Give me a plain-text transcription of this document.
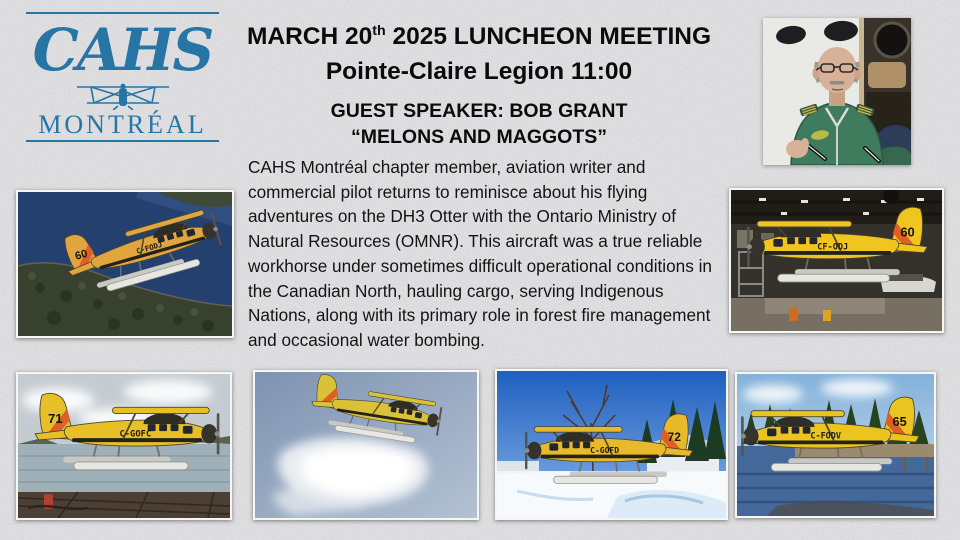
CAHS
MONTRÉAL
MARCH 20th 2025 LUNCHEON MEETING
Pointe-Claire Legion 11:00
GUEST SPEAKER: BOB GRANT
“MELONS AND MAGGOTS”
CAHS Montréal chapter member, aviation writer and commercial pilot returns to reminisce about his flying adventures on the DH3 Otter with the Ontario Ministry of Natural Resources (OMNR). This aircraft was a true reliable workhorse under sometimes difficult operational conditions in the Canadian North, hauling cargo, serving Indigenous Nations, along with its primary role in forest fire management and occasional water bombing.
60	C-FODJ
60
CF-ODJ
71
C-GOFC	72
C-GOFD
65
C-FODV
